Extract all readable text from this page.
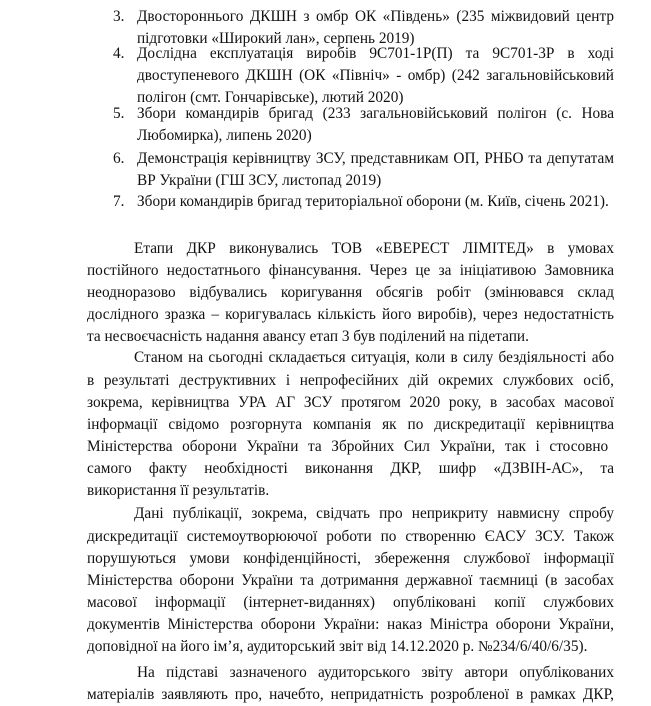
3. Двостороннього ДКШН з омбр ОК «Південь» (235 міжвидовий центр
підготовки «Широкий лан», серпень 2019)
4. Дослідна експлуатація виробів 9С701-1Р(П) та 9С701-3Р в ході
двоступеневого ДКШН (ОК «Північ» - омбр) (242 загальновійськовий
полігон (смт. Гончарівське), лютий 2020)
5. Збори командирів бригад (233 загальновійськовий полігон (с. Нова
Любомирка), липень 2020)
6. Демонстрація керівництву ЗСУ, представникам ОП, РНБО та депутатам
ВР України (ГШ ЗСУ, листопад 2019)
7. Збори командирів бригад територіальної оборони (м. Київ, січень 2021).
Етапи ДКР виконувались ТОВ «ЕВЕРЕСТ ЛІМІТЕД» в умовах
постійного недостатнього фінансування. Через це за ініціативою Замовника
неодноразово відбувались коригування обсягів робіт (змінювався склад
дослідного зразка – коригувалась кількість його виробів), через недостатність
та несвоєчасність надання авансу етап 3 був поділений на підетапи.
Станом на сьогодні складається ситуація, коли в силу бездіяльності або
в результаті деструктивних і непрофесійних дій окремих службових осіб,
зокрема, керівництва УРА АГ ЗСУ протягом 2020 року, в засобах масової
інформації свідомо розгорнута компанія як по дискредитації керівництва
Міністерства оборони України та Збройних Сил України, так і стосовно
самого факту необхідності виконання ДКР, шифр «ДЗВІН-АС», та
використання її результатів.
Дані публікації, зокрема, свідчать про неприкриту навмисну спробу
дискредитації системоутворюючої роботи по створенню ЄАСУ ЗСУ. Також
порушуються умови конфіденційності, збереження службової інформації
Міністерства оборони України та дотримання державної таємниці (в засобах
масової інформації (інтернет-виданнях) опубліковані копії службових
документів Міністерства оборони України: наказ Міністра оборони України,
доповідної на його ім’я, аудиторський звіт від 14.12.2020 р. №234/6/40/6/35).
На підставі зазначеного аудиторського звіту автори опублікованих
матеріалів заявляють про, начебто, непридатність розробленої в рамках ДКР,
